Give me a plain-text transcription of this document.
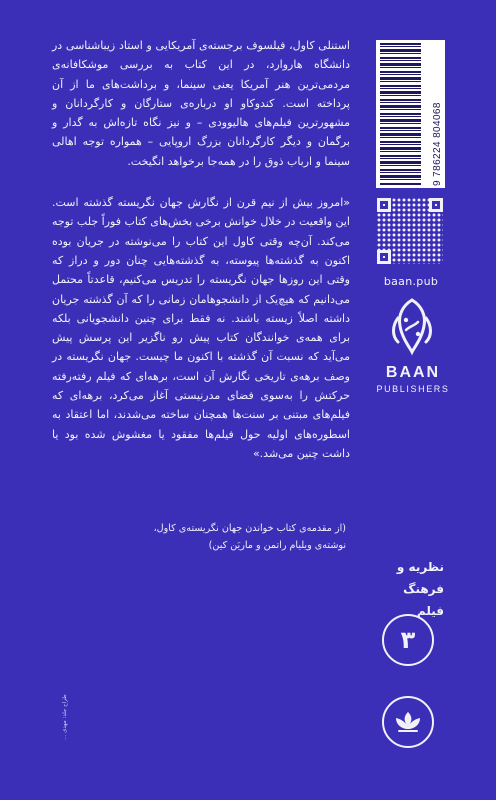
استنلی کاول، فیلسوف برجسته‌ی آمریکایی و استاد زیباشناسی در دانشگاه هاروارد، در این کتاب به بررسی موشکافانه‌ی مردمی‌ترین هنر آمریکا یعنی سینما، و برداشت‌های ما از آن پرداخته است. کندوکاو او درباره‌ی ستارگان و کارگردانان و مشهورترین فیلم‌های هالیوودی – و نیز نگاه تازه‌اش به گدار و برگمان و دیگر کارگردانان بزرگ اروپایی – همواره توجه اهالی سینما و ارباب ذوق را در همه‌جا برخواهد انگیخت.

«امروز بیش از نیم قرن از نگارش جهان نگریسته گذشته است. این واقعیت در خلال خوانش برخی بخش‌های کتاب فوراً جلب توجه می‌کند. آن‌چه وقتی کاول این کتاب را می‌نوشته در جریان بوده اکنون به گذشته‌ها پیوسته، به گذشته‌هایی چنان دور و دراز که وقتی این روزها جهان نگریسته را تدریس می‌کنیم، قاعدتاً محتمل می‌دانیم که هیچ‌یک از دانشجوهامان زمانی را که آن گذشته جریان داشته اصلاً زیسته باشند. نه فقط برای چنین دانشجویانی بلکه برای همه‌ی خوانندگان کتاب پیش رو ناگزیر این پرسش پیش می‌آید که نسبت آن گذشته با اکنون ما چیست. جهان نگریسته در وصف برهه‌ی تاریخی نگارش آن است، برهه‌ای که فیلم رفته‌رفته حرکتش را به‌سوی فضای مدرنیستی آغاز می‌کرد، برهه‌ای که فیلم‌های مبتنی بر سنت‌ها همچنان ساخته می‌شدند، اما اعتقاد به اسطوره‌های اولیه حول فیلم‌ها مفقود یا مغشوش شده بود یا داشت چنین می‌شد.»

(از مقدمه‌ی کتاب خواندن جهان نگریسته‌ی کاول،
نوشته‌ی ویلیام راتمن و ماریَن کین)
9 786224 804068
baan.pub
BAAN
PUBLISHERS
نظریه و
فرهنگ فیلم
۳
طراح جلد: مهدی ...
